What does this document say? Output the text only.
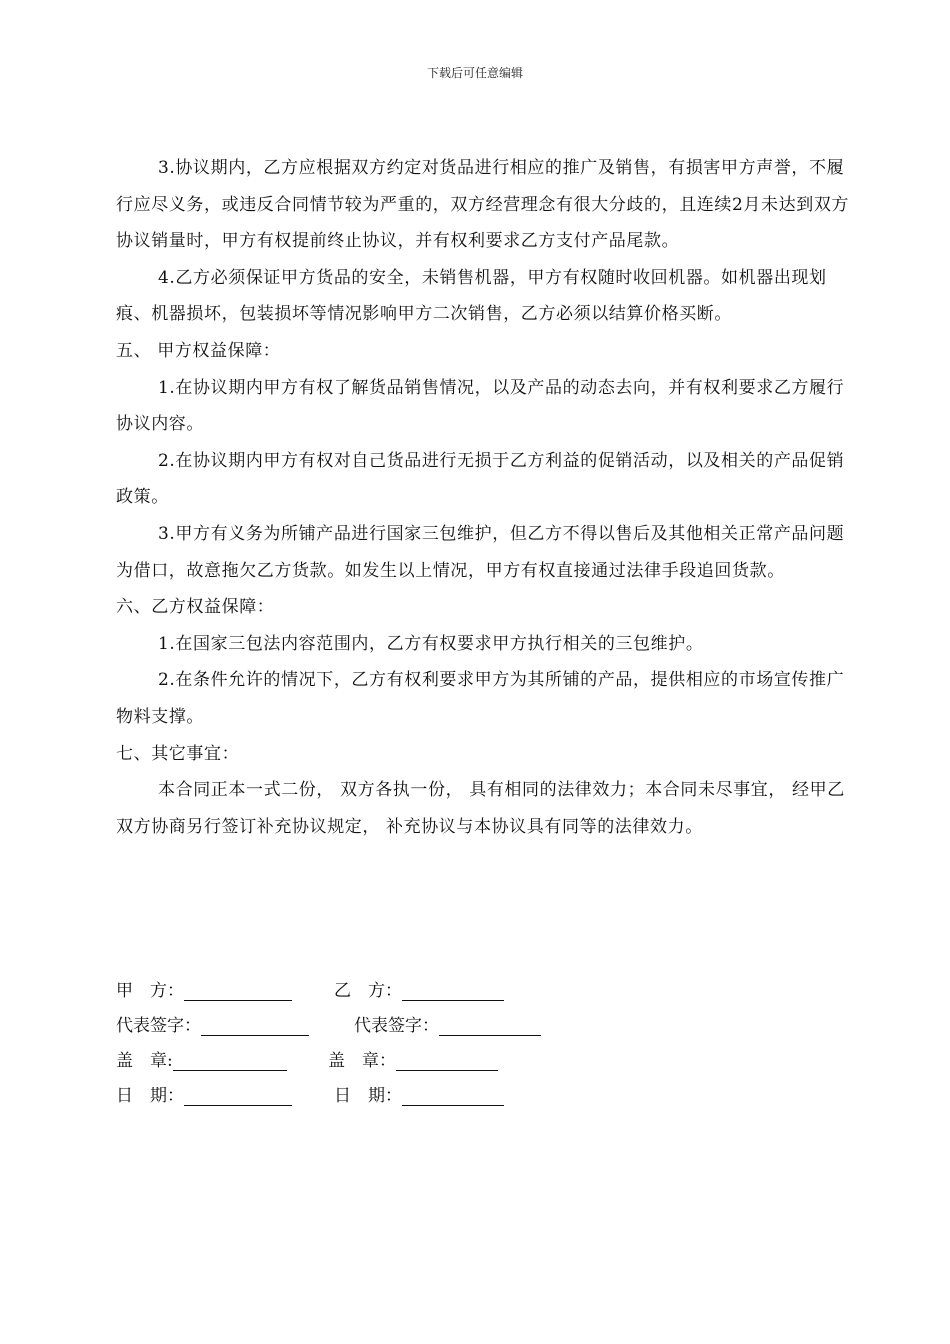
下载后可任意编辑

3.协议期内，乙方应根据双方约定对货品进行相应的推广及销售，有损害甲方声誉，不履行应尽义务，或违反合同情节较为严重的，双方经营理念有很大分歧的，且连续2月未达到双方协议销量时，甲方有权提前终止协议，并有权利要求乙方支付产品尾款。

4.乙方必须保证甲方货品的安全，未销售机器，甲方有权随时收回机器。如机器出现划痕、机器损坏，包装损坏等情况影响甲方二次销售，乙方必须以结算价格买断。

五、 甲方权益保障：

1.在协议期内甲方有权了解货品销售情况，以及产品的动态去向，并有权利要求乙方履行协议内容。

2.在协议期内甲方有权对自己货品进行无损于乙方利益的促销活动，以及相关的产品促销政策。

3.甲方有义务为所铺产品进行国家三包维护，但乙方不得以售后及其他相关正常产品问题为借口，故意拖欠乙方货款。如发生以上情况，甲方有权直接通过法律手段追回货款。

六、乙方权益保障：

1.在国家三包法内容范围内，乙方有权要求甲方执行相关的三包维护。

2.在条件允许的情况下，乙方有权利要求甲方为其所铺的产品，提供相应的市场宣传推广物料支撑。

七、其它事宜：

本合同正本一式二份， 双方各执一份， 具有相同的法律效力；本合同未尽事宜， 经甲乙双方协商另行签订补充协议规定， 补充协议与本协议具有同等的法律效力。

甲　方：	乙　方：
代表签字：	代表签字：
盖　章:	盖　章：
日　期：	日　期：
